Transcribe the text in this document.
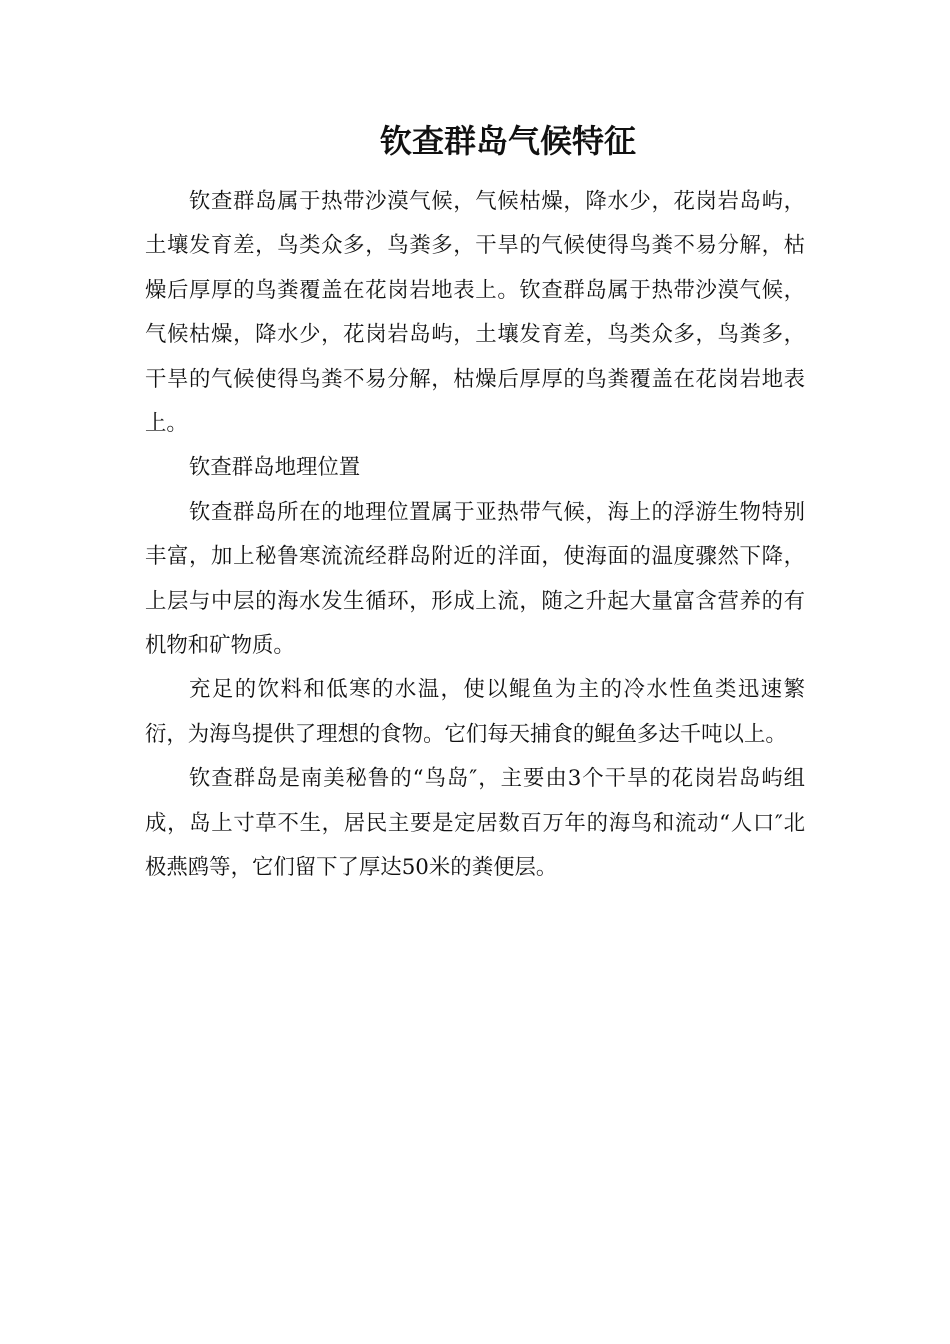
钦查群岛气候特征

钦查群岛属于热带沙漠气候，气候枯燥，降水少，花岗岩岛屿，土壤发育差，鸟类众多，鸟粪多，干旱的气候使得鸟粪不易分解，枯燥后厚厚的鸟粪覆盖在花岗岩地表上。钦查群岛属于热带沙漠气候，气候枯燥，降水少，花岗岩岛屿，土壤发育差，鸟类众多，鸟粪多，干旱的气候使得鸟粪不易分解，枯燥后厚厚的鸟粪覆盖在花岗岩地表上。

钦查群岛地理位置

钦查群岛所在的地理位置属于亚热带气候，海上的浮游生物特别丰富，加上秘鲁寒流流经群岛附近的洋面，使海面的温度骤然下降，上层与中层的海水发生循环，形成上流，随之升起大量富含营养的有机物和矿物质。

充足的饮料和低寒的水温，使以鲲鱼为主的冷水性鱼类迅速繁衍，为海鸟提供了理想的食物。它们每天捕食的鲲鱼多达千吨以上。

钦查群岛是南美秘鲁的“鸟岛″，主要由3个干旱的花岗岩岛屿组成，岛上寸草不生，居民主要是定居数百万年的海鸟和流动“人口″北极燕鸥等，它们留下了厚达50米的粪便层。
